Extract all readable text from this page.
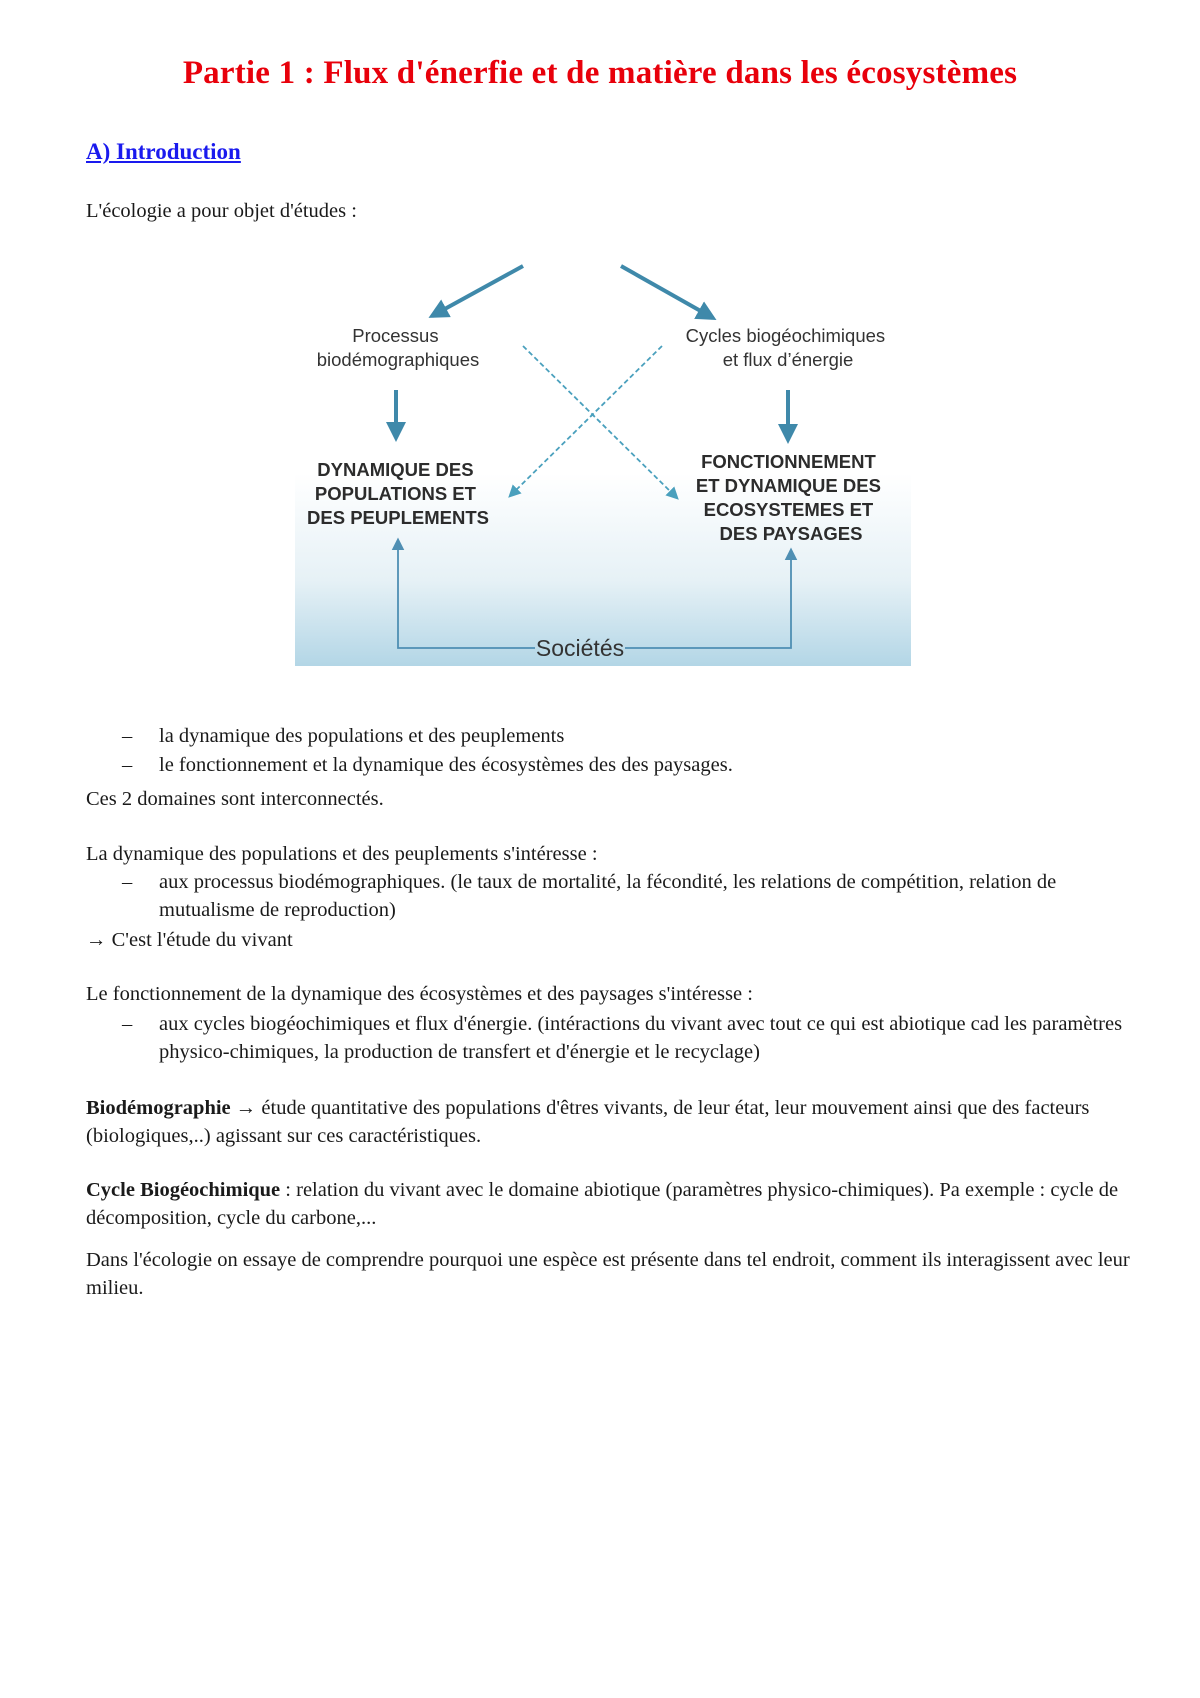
Partie 1 : Flux d'énerfie et de matière dans les écosystèmes
A) Introduction

L'écologie a pour objet d'études :

Processus biodémographiques
Cycles biogéochimiques et flux d’énergie
DYNAMIQUE DES POPULATIONS ET DES PEUPLEMENTS
FONCTIONNEMENT ET DYNAMIQUE DES ECOSYSTEMES ET DES PAYSAGES
Sociétés
– la dynamique des populations et des peuplements

– le fonctionnement et la dynamique des écosystèmes des des paysages.

Ces 2 domaines sont interconnectés.

La dynamique des populations et des peuplements s'intéresse :

– aux processus biodémographiques. (le taux de mortalité, la fécondité, les relations de compétition, relation de mutualisme de reproduction)

→ C'est l'étude du vivant

Le fonctionnement de la dynamique des écosystèmes et des paysages s'intéresse :

– aux cycles biogéochimiques et flux d'énergie. (intéractions du vivant avec tout ce qui est abiotique cad les paramètres physico-chimiques, la production de transfert et d'énergie et le recyclage)

Biodémographie → étude quantitative des populations d'êtres vivants, de leur état, leur mouvement ainsi que des facteurs (biologiques,..) agissant sur ces caractéristiques.

Cycle Biogéochimique : relation du vivant avec le domaine abiotique (paramètres physico-chimiques). Pa exemple : cycle de décomposition, cycle du carbone,...

Dans l'écologie on essaye de comprendre pourquoi une espèce est présente dans tel endroit, comment ils interagissent avec leur milieu.
